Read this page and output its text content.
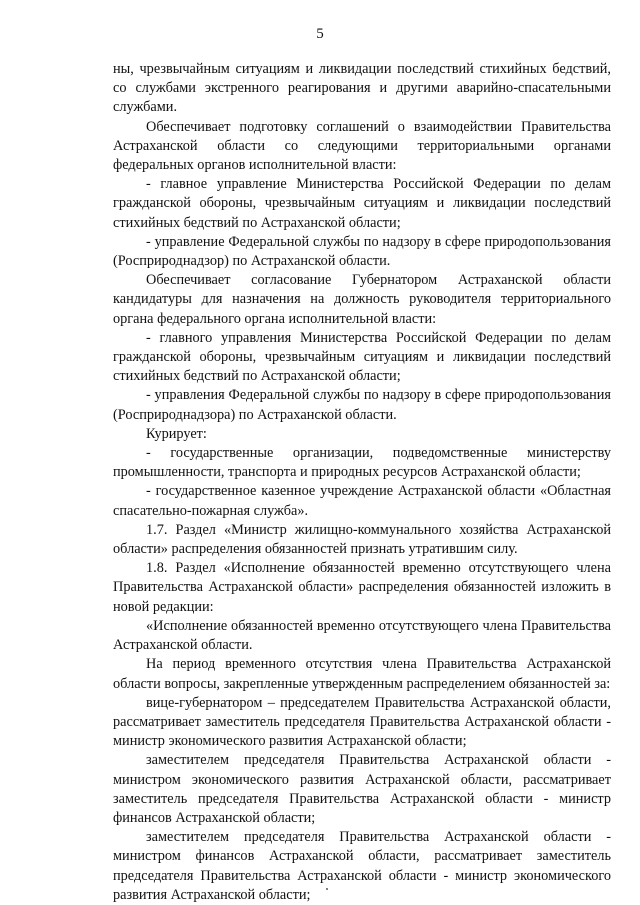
5

ны, чрезвычайным ситуациям и ликвидации последствий стихийных бедствий, со службами экстренного реагирования и другими аварийно-спасательными службами.

Обеспечивает подготовку соглашений о взаимодействии Правительства Астраханской области со следующими территориальными органами федеральных органов исполнительной власти:

- главное управление Министерства Российской Федерации по делам гражданской обороны, чрезвычайным ситуациям и ликвидации последствий стихийных бедствий по Астраханской области;

- управление Федеральной службы по надзору в сфере природопользования (Росприроднадзор) по Астраханской области.

Обеспечивает согласование Губернатором Астраханской области кандидатуры для назначения на должность руководителя территориального органа федерального органа исполнительной власти:

- главного управления Министерства Российской Федерации по делам гражданской обороны, чрезвычайным ситуациям и ликвидации последствий стихийных бедствий по Астраханской области;

- управления Федеральной службы по надзору в сфере природопользования (Росприроднадзора) по Астраханской области.

Курирует:

- государственные организации, подведомственные министерству промышленности, транспорта и природных ресурсов Астраханской области;

- государственное казенное учреждение Астраханской области «Областная спасательно-пожарная служба».

1.7. Раздел «Министр жилищно-коммунального хозяйства Астраханской области» распределения обязанностей признать утратившим силу.

1.8. Раздел «Исполнение обязанностей временно отсутствующего члена Правительства Астраханской области» распределения обязанностей изложить в новой редакции:

«Исполнение обязанностей временно отсутствующего члена Правительства Астраханской области.

На период временного отсутствия члена Правительства Астраханской области вопросы, закрепленные утвержденным распределением обязанностей за:

вице-губернатором – председателем Правительства Астраханской области, рассматривает заместитель председателя Правительства Астраханской области - министр экономического развития Астраханской области;

заместителем председателя Правительства Астраханской области - министром экономического развития Астраханской области, рассматривает заместитель председателя Правительства Астраханской области - министр финансов Астраханской области;

заместителем председателя Правительства Астраханской области - министром финансов Астраханской области, рассматривает заместитель председателя Правительства Астраханской области - министр экономического развития Астраханской области;
